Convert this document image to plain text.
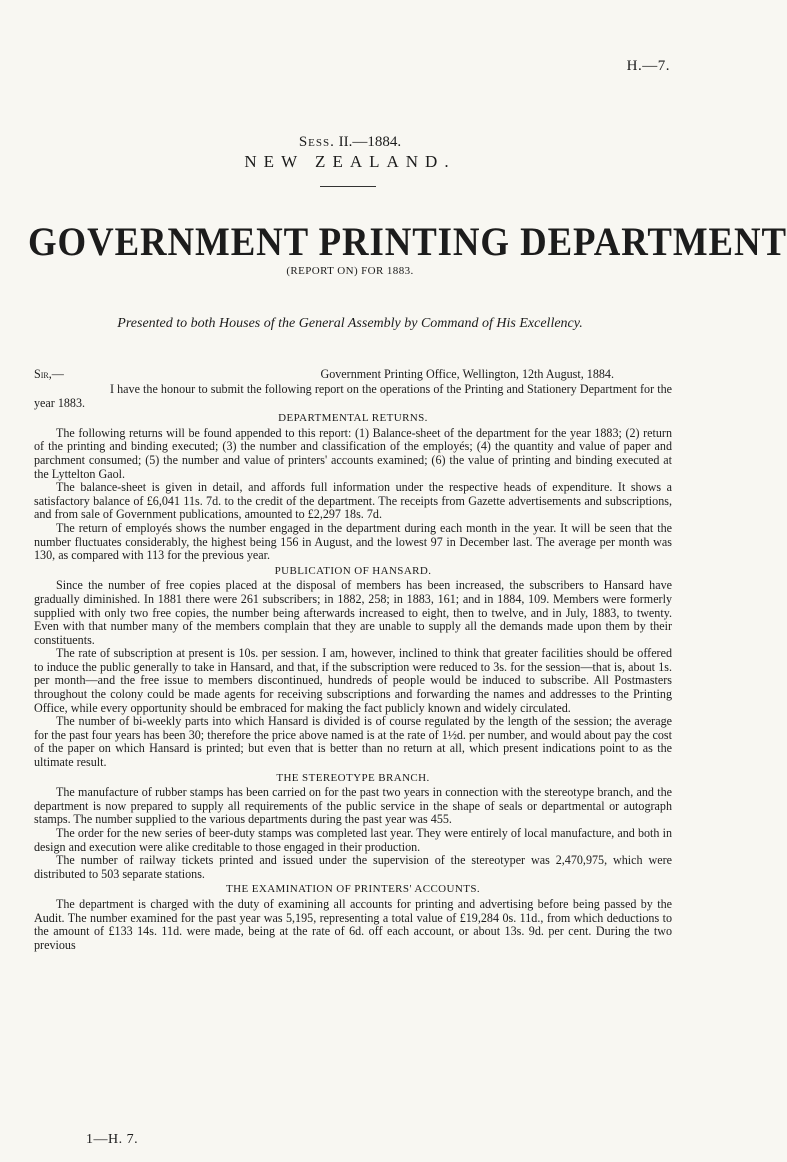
H.—7.
Sess. II.—1884.
NEW ZEALAND.
GOVERNMENT PRINTING DEPARTMENT
(REPORT ON) FOR 1883.
Presented to both Houses of the General Assembly by Command of His Excellency.
Sir,—	Government Printing Office, Wellington, 12th August, 1884.

I have the honour to submit the following report on the operations of the Printing and Stationery Department for the year 1883.

DEPARTMENTAL RETURNS.

The following returns will be found appended to this report: (1) Balance-sheet of the department for the year 1883; (2) return of the printing and binding executed; (3) the number and classification of the employés; (4) the quantity and value of paper and parchment consumed; (5) the number and value of printers' accounts examined; (6) the value of printing and binding executed at the Lyttelton Gaol.

The balance-sheet is given in detail, and affords full information under the respective heads of expenditure. It shows a satisfactory balance of £6,041 11s. 7d. to the credit of the department. The receipts from Gazette advertisements and subscriptions, and from sale of Government publications, amounted to £2,297 18s. 7d.

The return of employés shows the number engaged in the department during each month in the year. It will be seen that the number fluctuates considerably, the highest being 156 in August, and the lowest 97 in December last. The average per month was 130, as compared with 113 for the previous year.

PUBLICATION OF HANSARD.

Since the number of free copies placed at the disposal of members has been increased, the subscribers to Hansard have gradually diminished. In 1881 there were 261 subscribers; in 1882, 258; in 1883, 161; and in 1884, 109. Members were formerly supplied with only two free copies, the number being afterwards increased to eight, then to twelve, and in July, 1883, to twenty. Even with that number many of the members complain that they are unable to supply all the demands made upon them by their constituents.

The rate of subscription at present is 10s. per session. I am, however, inclined to think that greater facilities should be offered to induce the public generally to take in Hansard, and that, if the subscription were reduced to 3s. for the session—that is, about 1s. per month—and the free issue to members discontinued, hundreds of people would be induced to subscribe. All Postmasters throughout the colony could be made agents for receiving subscriptions and forwarding the names and addresses to the Printing Office, while every opportunity should be embraced for making the fact publicly known and widely circulated.

The number of bi-weekly parts into which Hansard is divided is of course regulated by the length of the session; the average for the past four years has been 30; therefore the price above named is at the rate of 1½d. per number, and would about pay the cost of the paper on which Hansard is printed; but even that is better than no return at all, which present indications point to as the ultimate result.

THE STEREOTYPE BRANCH.

The manufacture of rubber stamps has been carried on for the past two years in connection with the stereotype branch, and the department is now prepared to supply all requirements of the public service in the shape of seals or departmental or autograph stamps. The number supplied to the various departments during the past year was 455.

The order for the new series of beer-duty stamps was completed last year. They were entirely of local manufacture, and both in design and execution were alike creditable to those engaged in their production.

The number of railway tickets printed and issued under the supervision of the stereotyper was 2,470,975, which were distributed to 503 separate stations.

THE EXAMINATION OF PRINTERS' ACCOUNTS.

The department is charged with the duty of examining all accounts for printing and advertising before being passed by the Audit. The number examined for the past year was 5,195, representing a total value of £19,284 0s. 11d., from which deductions to the amount of £133 14s. 11d. were made, being at the rate of 6d. off each account, or about 13s. 9d. per cent. During the two previous

1—H. 7.
